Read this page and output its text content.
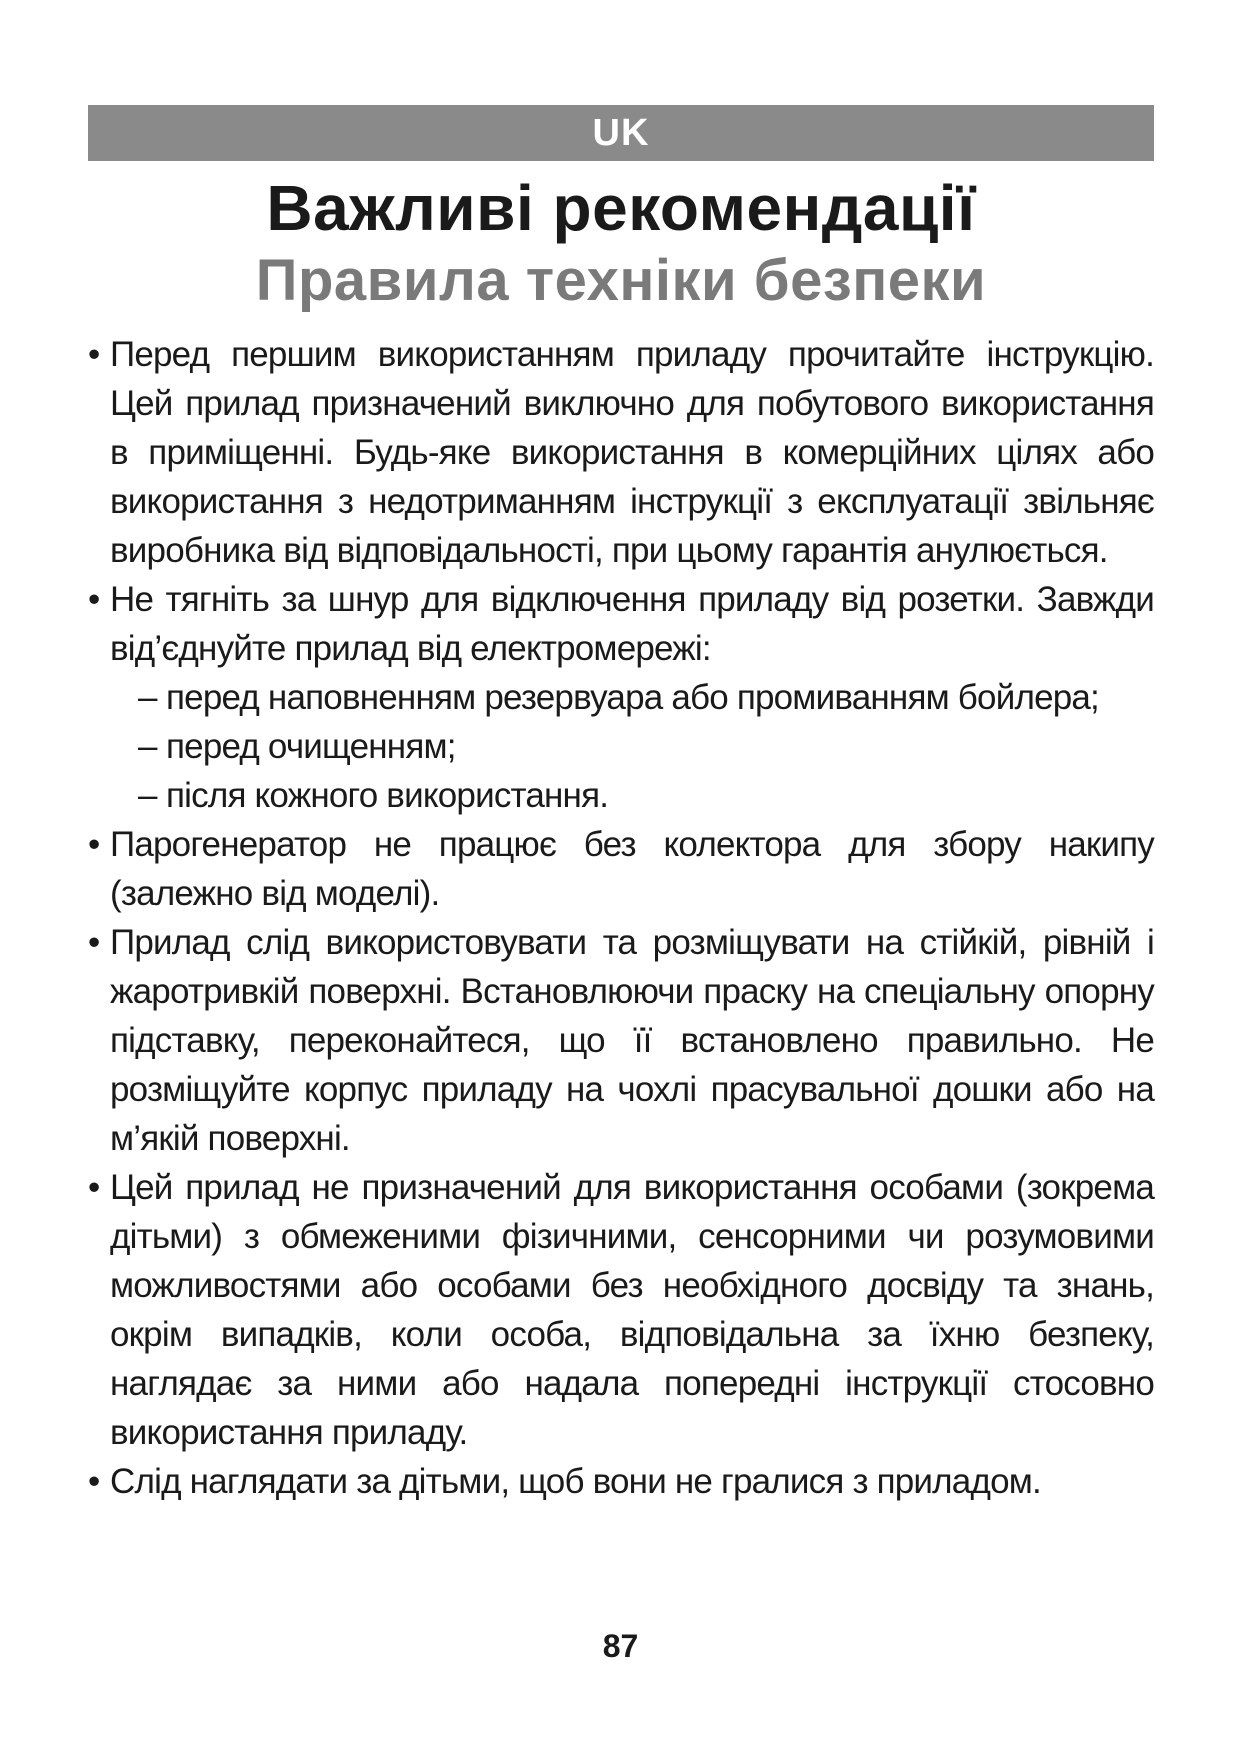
UK
Важливі рекомендації
Правила техніки безпеки
• Перед першим використанням приладу прочитайте інструкцію. Цей прилад призначений виключно для побутового використання в приміщенні. Будь-яке використання в комерційних цілях або використання з недотриманням інструкції з експлуатації звільняє виробника від відповідальності, при цьому гарантія анулюється.
• Не тягніть за шнур для відключення приладу від розетки. Завжди від’єднуйте прилад від електромережі:
– перед наповненням резервуара або промиванням бойлера;
– перед очищенням;
– після кожного використання.
• Парогенератор не працює без колектора для збору накипу (залежно від моделі).
• Прилад слід використовувати та розміщувати на стійкій, рівній і жаротривкій поверхні. Встановлюючи праску на спеціальну опорну підставку, переконайтеся, що її встановлено правильно. Не розміщуйте корпус приладу на чохлі прасувальної дошки або на м’якій поверхні.
• Цей прилад не призначений для використання особами (зокрема дітьми) з обмеженими фізичними, сенсорними чи розумовими можливостями або особами без необхідного досвіду та знань, окрім випадків, коли особа, відповідальна за їхню безпеку, наглядає за ними або надала попередні інструкції стосовно використання приладу.
• Слід наглядати за дітьми, щоб вони не гралися з приладом.
87
